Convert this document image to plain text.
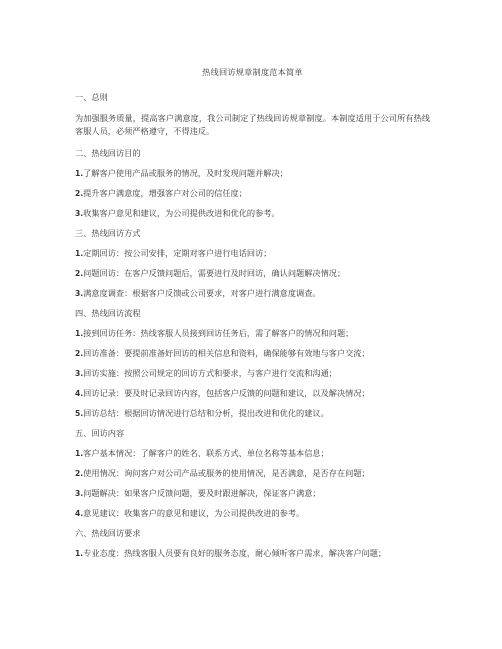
热线回访规章制度范本简单
一、总则
为加强服务质量，提高客户满意度，我公司制定了热线回访规章制度。本制度适用于公司所有热线客服人员，必须严格遵守，不得违反。
二、热线回访目的
1.了解客户使用产品或服务的情况，及时发现问题并解决；
2.提升客户满意度，增强客户对公司的信任度；
3.收集客户意见和建议，为公司提供改进和优化的参考。
三、热线回访方式
1.定期回访：按公司安排，定期对客户进行电话回访；
2.问题回访：在客户反馈问题后，需要进行及时回访，确认问题解决情况；
3.满意度调查：根据客户反馈或公司要求，对客户进行满意度调查。
四、热线回访流程
1.接到回访任务：热线客服人员接到回访任务后，需了解客户的情况和问题；
2.回访准备：要提前准备好回访的相关信息和资料，确保能够有效地与客户交流；
3.回访实施：按照公司规定的回访方式和要求，与客户进行交流和沟通；
4.回访记录：要及时记录回访内容，包括客户反馈的问题和建议，以及解决情况；
5.回访总结：根据回访情况进行总结和分析，提出改进和优化的建议。
五、回访内容
1.客户基本情况：了解客户的姓名、联系方式、单位名称等基本信息；
2.使用情况：询问客户对公司产品或服务的使用情况，是否满意，是否存在问题；
3.问题解决：如果客户反馈问题，要及时跟进解决，保证客户满意；
4.意见建议：收集客户的意见和建议，为公司提供改进的参考。
六、热线回访要求
1.专业态度：热线客服人员要有良好的服务态度，耐心倾听客户需求，解决客户问题；
